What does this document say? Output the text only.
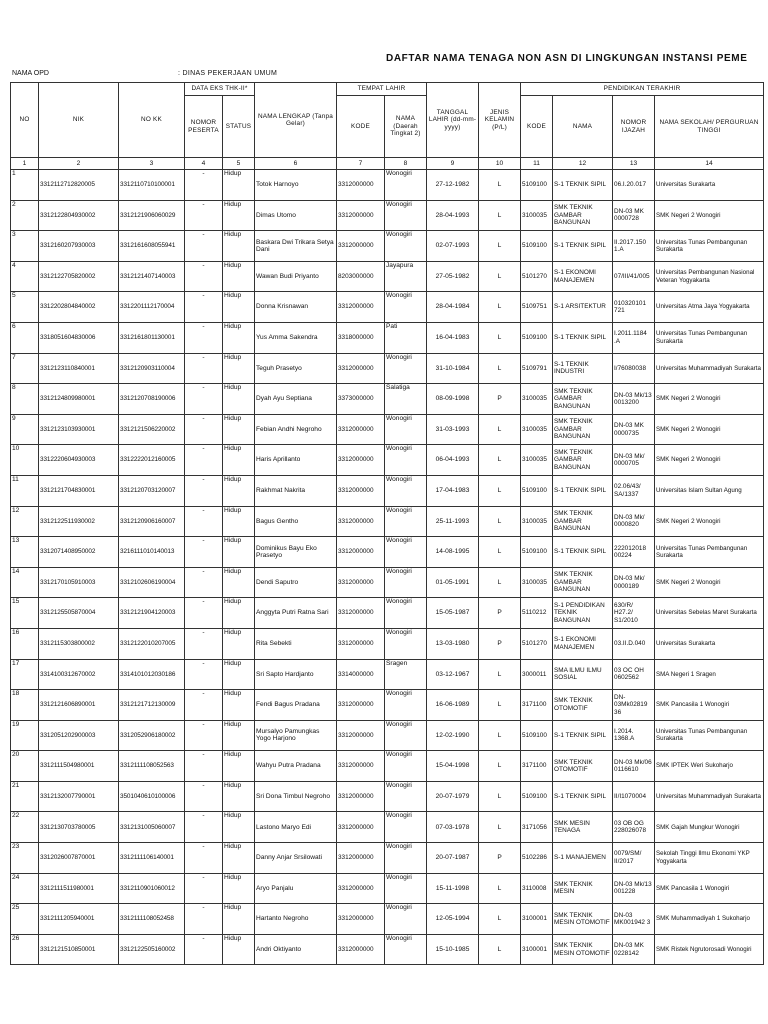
DAFTAR NAMA TENAGA NON ASN DI LINGKUNGAN INSTANSI PEME
NAMA OPD	: DINAS PEKERJAAN UMUM
NO	NIK	NO KK	DATA EKS THK-II*		NAMA LENGKAP (Tanpa Gelar)	TEMPAT LAHIR		TANGGAL LAHIR (dd-mm-yyyy)	JENIS KELAMIN (P/L)	PENDIDIKAN TERAKHIR			
			NOMOR PESERTA	STATUS		KODE	NAMA (Daerah Tingkat 2)			KODE	NAMA	NOMOR IJAZAH	NAMA SEKOLAH/ PERGURUAN TINGGI
1	2	3	4	5	6	7	8	9	10	11	12	13	14
1	3312112712820005	3312110710100001	-	Hidup	Totok Harnoyo	3312000000	Wonogiri	27-12-1982	L	5109100	S-1 TEKNIK SIPIL	06.I.20.017	Universitas Surakarta
2	3312122804930002	3312121906060029	-	Hidup	Dimas Utomo	3312000000	Wonogiri	28-04-1993	L	3100035	SMK TEKNIK GAMBAR BANGUNAN	DN-03 MK 0000728	SMK Negeri 2 Wonogiri
3	3312160207930003	3312161608055941	-	Hidup	Baskara Dwi Trikara Setya Dani	3312000000	Wonogiri	02-07-1993	L	5109100	S-1 TEKNIK SIPIL	II.2017.150 1.A	Universitas Tunas Pembangunan Surakarta
4	3312122705820002	3312121407140003	-	Hidup	Wawan Budi Priyanto	8203000000	Jayapura	27-05-1982	L	5101270	S-1 EKONOMI MANAJEMEN	07/III/41/005	Universitas Pembangunan Nasional Veteran Yogyakarta
5	3312202804840002	3312201112170004	-	Hidup	Donna Krisnawan	3312000000	Wonogiri	28-04-1984	L	5109751	S-1 ARSITEKTUR	010320101 721	Universitas Atma Jaya Yogyakarta
6	3318051604830006	3312161801130001	-	Hidup	Yus Amma Sakendra	3318000000	Pati	16-04-1983	L	5109100	S-1 TEKNIK SIPIL	I.2011.1184 .A	Universitas Tunas Pembangunan Surakarta
7	3312123110840001	3312120903110004	-	Hidup	Teguh Prasetyo	3312000000	Wonogiri	31-10-1984	L	5109791	S-1 TEKNIK INDUSTRI	I/76080038	Universitas Muhammadiyah Surakarta
8	3312124809980001	3312120708190006	-	Hidup	Dyah Ayu Septiana	3373000000	Salatiga	08-09-1998	P	3100035	SMK TEKNIK GAMBAR BANGUNAN	DN-03 Mk/13 0013200	SMK Negeri 2 Wonogiri
9	3312123103930001	3312121506220002	-	Hidup	Febian Andhi Negroho	3312000000	Wonogiri	31-03-1993	L	3100035	SMK TEKNIK GAMBAR BANGUNAN	DN-03 MK 0000735	SMK Negeri 2 Wonogiri
10	3312220604930003	3312222012160005	-	Hidup	Haris Aprillanto	3312000000	Wonogiri	06-04-1993	L	3100035	SMK TEKNIK GAMBAR BANGUNAN	DN-03 Mk/ 0000705	SMK Negeri 2 Wonogiri
11	3312121704830001	3312120703120007	-	Hidup	Rakhmat Nakrita	3312000000	Wonogiri	17-04-1983	L	5109100	S-1 TEKNIK SIPIL	02.06/43/ SA/1337	Universitas Islam Sultan Agung
12	3312122511930002	3312120906160007	-	Hidup	Bagus Gentho	3312000000	Wonogiri	25-11-1993	L	3100035	SMK TEKNIK GAMBAR BANGUNAN	DN-03 Mk/ 0000820	SMK Negeri 2 Wonogiri
13	3312071408950002	3216111010140013	-	Hidup	Dominikus Bayu Eko Prasetyo	3312000000	Wonogiri	14-08-1995	L	5109100	S-1 TEKNIK SIPIL	222012018 00224	Universitas Tunas Pembangunan Surakarta
14	3312170105910003	3312102606190004	-	Hidup	Dendi Saputro	3312000000	Wonogiri	01-05-1991	L	3100035	SMK TEKNIK GAMBAR BANGUNAN	DN-03 Mk/ 0000189	SMK Negeri 2 Wonogiri
15	3312125505870004	3312121904120003	-	Hidup	Anggyta Putri Ratna Sari	3312000000	Wonogiri	15-05-1987	P	5110212	S-1 PENDIDIKAN TEKNIK BANGUNAN	630/R/ H27.2/ S1/2010	Universitas Sebelas Maret Surakarta
16	3312115303800002	3312122010207005	-	Hidup	Rita Sebekti	3312000000	Wonogiri	13-03-1980	P	5101270	S-1 EKONOMI MANAJEMEN	03.II.D.040	Universitas Surakarta
17	3314100312670002	3314101012030186	-	Hidup	Sri Sapto Hardjanto	3314000000	Sragen	03-12-1967	L	3000011	SMA ILMU ILMU SOSIAL	03 OC OH 0602562	SMA Negeri 1 Sragen
18	3312121606890001	3312121712130009	-	Hidup	Fendi Bagus Pradana	3312000000	Wonogiri	16-06-1989	L	3171100	SMK TEKNIK OTOMOTIF	DN-03Mk02819 36	SMK Pancasila 1 Wonogiri
19	3312051202900003	3312052906180002	-	Hidup	Mursalyo Pamungkas Yogo Harjono	3312000000	Wonogiri	12-02-1990	L	5109100	S-1 TEKNIK SIPIL	I.2014. 1368.A	Universitas Tunas Pembangunan Surakarta
20	3312111504980001	3312111108052563	-	Hidup	Wahyu Putra Pradana	3312000000	Wonogiri	15-04-1998	L	3171100	SMK TEKNIK OTOMOTIF	DN-03 Mk/06 0116610	SMK IPTEK Weri Sukoharjo
21	3312132007790001	3501040610100006	-	Hidup	Sri Dona Timbul Negroho	3312000000	Wonogiri	20-07-1979	L	5109100	S-1 TEKNIK SIPIL	II/I1070004	Universitas Muhammadiyah Surakarta
22	3312130703780005	3312131005060007	-	Hidup	Lastono Maryo Edi	3312000000	Wonogiri	07-03-1978	L	3171056	SMK MESIN TENAGA	03 OB OG 228026078	SMK Gajah Mungkur Wonogiri
23	3312026007870001	3312111106140001	-	Hidup	Danny Anjar Srsilowati	3312000000	Wonogiri	20-07-1987	P	5102286	S-1 MANAJEMEN	0079/SM/ II/2017	Sekolah Tinggi Ilmu Ekonomi YKP Yogyakarta
24	3312111511980001	3312110901060012	-	Hidup	Aryo Panjalu	3312000000	Wonogiri	15-11-1998	L	3110008	SMK TEKNIK MESIN	DN-03 Mk/13 001228	SMK Pancasila 1 Wonogiri
25	3312111205940001	3312111108052458	-	Hidup	Hartanto Negroho	3312000000	Wonogiri	12-05-1994	L	3100001	SMK TEKNIK MESIN OTOMOTIF	DN-03 MK001942 3	SMK Muhammadiyah 1 Sukoharjo
26	3312121510850001	3312122505160002	-	Hidup	Andri Oktiyanto	3312000000	Wonogiri	15-10-1985	L	3100001	SMK TEKNIK MESIN OTOMOTIF	DN-03 MK 0228142	SMK Ristek Ngrutorosadi Wonogiri
